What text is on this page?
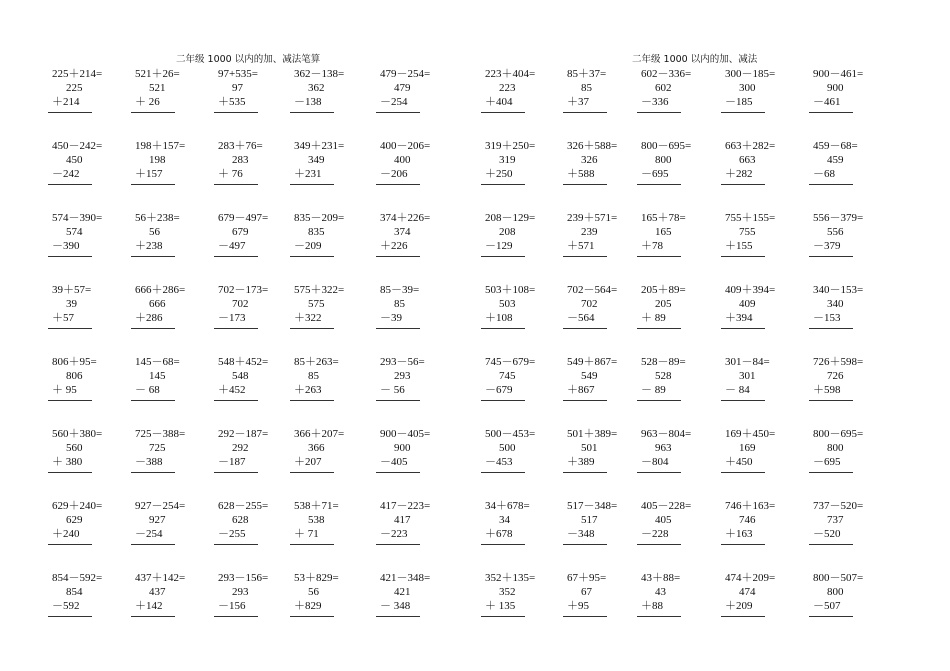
二年级 1000 以内的加、减法笔算	二年级 1000 以内的加、减法
225＋214=
225
＋214
521＋26=
521
＋ 26
97+535=
97
＋535
362－138=
362
－138
479－254=
479
－254
223＋404=
223
＋404
85＋37=
85
＋37
602－336=
602
－336
300－185=
300
－185
900－461=
900
－461
450－242=
450
－242
198＋157=
198
＋157
283＋76=
283
＋ 76
349＋231=
349
＋231
400－206=
400
－206
319＋250=
319
＋250
326＋588=
326
＋588
800－695=
800
－695
663＋282=
663
＋282
459－68=
459
－68
574－390=
574
－390
56＋238=
56
＋238
679－497=
679
－497
835－209=
835
－209
374＋226=
374
＋226
208－129=
208
－129
239＋571=
239
＋571
165＋78=
165
＋78
755＋155=
755
＋155
556－379=
556
－379
39＋57=
39
＋57
666＋286=
666
＋286
702－173=
702
－173
575＋322=
575
＋322
85－39=
85
－39
503＋108=
503
＋108
702－564=
702
－564
205＋89=
205
＋ 89
409＋394=
409
＋394
340－153=
340
－153
806＋95=
806
＋ 95
145－68=
145
－ 68
548＋452=
548
＋452
85＋263=
85
＋263
293－56=
293
－ 56
745－679=
745
－679
549＋867=
549
＋867
528－89=
528
－ 89
301－84=
301
－ 84
726＋598=
726
＋598
560＋380=
560
＋ 380
725－388=
725
－388
292－187=
292
－187
366＋207=
366
＋207
900－405=
900
－405
500－453=
500
－453
501＋389=
501
＋389
963－804=
963
－804
169＋450=
169
＋450
800－695=
800
－695
629＋240=
629
＋240
927－254=
927
－254
628－255=
628
－255
538＋71=
538
＋ 71
417－223=
417
－223
34＋678=
34
＋678
517－348=
517
－348
405－228=
405
－228
746＋163=
746
＋163
737－520=
737
－520
854－592=
854
－592
437＋142=
437
＋142
293－156=
293
－156
53＋829=
56
＋829
421－348=
421
－ 348
352＋135=
352
＋ 135
67＋95=
67
＋95
43＋88=
43
＋88
474＋209=
474
＋209
800－507=
800
－507
